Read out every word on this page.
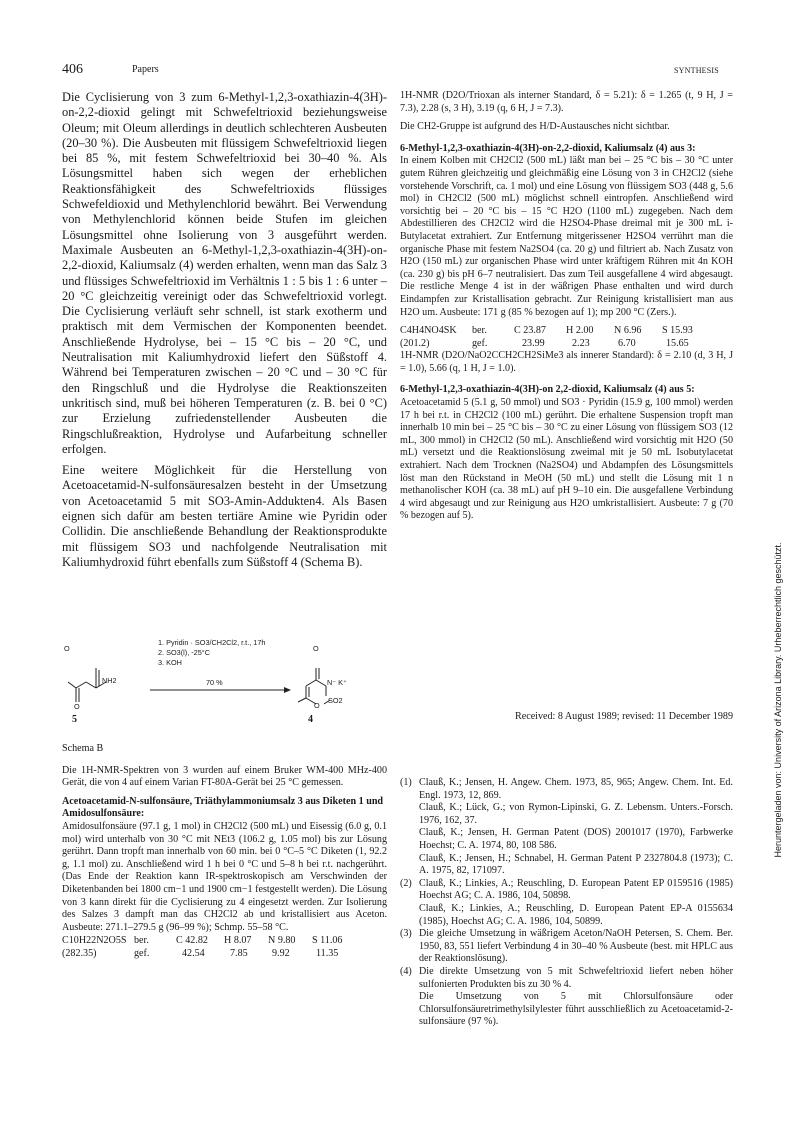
406	Papers	SYNTHESIS

Die Cyclisierung von 3 zum 6-Methyl-1,2,3-oxathiazin-4(3H)-on-2,2-dioxid gelingt mit Schwefeltrioxid beziehungsweise Oleum; mit Oleum allerdings in deutlich schlechteren Ausbeuten (20–30 %). Die Ausbeuten mit flüssigem Schwefeltrioxid liegen bei 85 %, mit festem Schwefeltrioxid bei 30–40 %. Als Lösungsmittel haben sich wegen der erheblichen Reaktionsfähigkeit des Schwefeltrioxids flüssiges Schwefeldioxid und Methylenchlorid bewährt. Bei Verwendung von Methylenchlorid können beide Stufen im gleichen Lösungsmittel ohne Isolierung von 3 ausgeführt werden. Maximale Ausbeuten an 6-Methyl-1,2,3-oxathiazin-4(3H)-on-2,2-dioxid, Kaliumsalz (4) werden erhalten, wenn man das Salz 3 und flüssiges Schwefeltrioxid im Verhältnis 1 : 5 bis 1 : 6 unter – 20 °C gleichzeitig vereinigt oder das Schwefeltrioxid vorlegt. Die Cyclisierung verläuft sehr schnell, ist stark exotherm und praktisch mit dem Vermischen der Komponenten beendet. Anschließende Hydrolyse, bei – 15 °C bis – 20 °C, und Neutralisation mit Kaliumhydroxid liefert den Süßstoff 4. Während bei Temperaturen zwischen – 20 °C und – 30 °C für den Ringschluß und die Hydrolyse die Reaktionszeiten unkritisch sind, muß bei höheren Temperaturen (z. B. bei 0 °C) zur Erzielung zufriedenstellender Ausbeuten die Ringschlußreaktion, Hydrolyse und Aufarbeitung schneller erfolgen.

Eine weitere Möglichkeit für die Herstellung von Acetoacetamid-N-sulfonsäuresalzen besteht in der Umsetzung von Acetoacetamid 5 mit SO3-Amin-Addukten4. Als Basen eignen sich dafür am besten tertiäre Amine wie Pyridin oder Collidin. Die anschließende Behandlung der Reaktionsprodukte mit flüssigem SO3 und nachfolgende Neutralisation mit Kaliumhydroxid führt ebenfalls zum Süßstoff 4 (Schema B).

O
NH2
O
1. Pyridin · SO3/CH2Cl2, r.t., 17h
2. SO3(l), -25°C
3. KOH
70 %
O
N⁻ K⁺
O
SO2
5	4

Schema B

Die 1H-NMR-Spektren von 3 wurden auf einem Bruker WM-400 MHz-400 Gerät, die von 4 auf einem Varian FT-80A-Gerät bei 25 °C gemessen.

Acetoacetamid-N-sulfonsäure, Triäthylammoniumsalz 3 aus Diketen 1 und Amidosulfonsäure:

Amidosulfonsäure (97.1 g, 1 mol) in CH2Cl2 (500 mL) und Eisessig (6.0 g, 0.1 mol) wird unterhalb von 30 °C mit NEt3 (106.2 g, 1.05 mol) bis zur Lösung gerührt. Dann tropft man innerhalb von 60 min. bei 0 °C–5 °C Diketen (1, 92.2 g, 1.1 mol) zu. Anschließend wird 1 h bei 0 °C und 5–8 h bei r.t. nachgerührt. (Das Ende der Reaktion kann IR-spektroskopisch am Verschwinden der Diketenbanden bei 1800 cm−1 und 1900 cm−1 festgestellt werden). Die Lösung von 3 kann direkt für die Cyclisierung zu 4 eingesetzt werden. Zur Isolierung des Salzes 3 dampft man das CH2Cl2 ab und kristallisiert aus Aceton. Ausbeute: 271.1–279.5 g (96–99 %); Schmp. 55–58 °C.

C10H22N2O5S ber.	C 42.82	H 8.07	N 9.80	S 11.06
(282.35)	gef.	42.54	7.85	9.92	11.35

1H-NMR (D2O/Trioxan als interner Standard, δ = 5.21): δ = 1.265 (t, 9 H, J = 7.3), 2.28 (s, 3 H), 3.19 (q, 6 H, J = 7.3).

Die CH2-Gruppe ist aufgrund des H/D-Austausches nicht sichtbar.

6-Methyl-1,2,3-oxathiazin-4(3H)-on-2,2-dioxid, Kaliumsalz (4) aus 3:

In einem Kolben mit CH2Cl2 (500 mL) läßt man bei – 25 °C bis – 30 °C unter gutem Rühren gleichzeitig und gleichmäßig eine Lösung von 3 in CH2Cl2 (siehe vorstehende Vorschrift, ca. 1 mol) und eine Lösung von flüssigem SO3 (448 g, 5.6 mol) in CH2Cl2 (500 mL) möglichst schnell eintropfen. Anschließend wird vorsichtig bei – 20 °C bis – 15 °C H2O (1100 mL) zugegeben. Nach dem Abdestillieren des CH2Cl2 wird die H2SO4-Phase dreimal mit je 300 mL i-Butylacetat extrahiert. Zur Entfernung mitgerissener H2SO4 verrührt man die organische Phase mit festem Na2SO4 (ca. 20 g) und filtriert ab. Nach Zusatz von H2O (150 mL) zur organischen Phase wird unter kräftigem Rühren mit 4n KOH (ca. 230 g) bis pH 6–7 neutralisiert. Das zum Teil ausgefallene 4 wird abgesaugt. Die restliche Menge 4 ist in der wäßrigen Phase enthalten und wird durch Eindampfen zur Kristallisation gebracht. Zur Reinigung kristallisiert man aus H2O um. Ausbeute: 171 g (85 % bezogen auf 1); mp 200 °C (Zers.).

C4H4NO4SK	ber.	C 23.87	H 2.00	N 6.96	S 15.93
(201.2)	gef.	23.99	2.23	6.70	15.65

1H-NMR (D2O/NaO2CCH2CH2SiMe3 als innerer Standard): δ = 2.10 (d, 3 H, J = 1.0), 5.66 (q, 1 H, J = 1.0).

6-Methyl-1,2,3-oxathiazin-4(3H)-on 2,2-dioxid, Kaliumsalz (4) aus 5:

Acetoacetamid 5 (5.1 g, 50 mmol) und SO3 · Pyridin (15.9 g, 100 mmol) werden 17 h bei r.t. in CH2Cl2 (100 mL) gerührt. Die erhaltene Suspension tropft man innerhalb 10 min bei – 25 °C bis – 30 °C zu einer Lösung von flüssigem SO3 (12 mL, 300 mmol) in CH2Cl2 (50 mL). Anschließend wird vorsichtig mit H2O (50 mL) versetzt und die Reaktionslösung zweimal mit je 50 mL Isobutylacetat extrahiert. Nach dem Trocknen (Na2SO4) und Abdampfen des Lösungsmittels löst man den Rückstand in MeOH (50 mL) und stellt die Lösung mit 1 n methanolischer KOH (ca. 38 mL) auf pH 9–10 ein. Die ausgefallene Verbindung 4 wird abgesaugt und zur Reinigung aus H2O umkristallisiert. Ausbeute: 7 g (70 % bezogen auf 5).

Received: 8 August 1989; revised: 11 December 1989
(1) Clauß, K.; Jensen, H. Angew. Chem. 1973, 85, 965; Angew. Chem. Int. Ed. Engl. 1973, 12, 869.
Clauß, K.; Lück, G.; von Rymon-Lipinski, G. Z. Lebensm. Unters.-Forsch. 1976, 162, 37.
Clauß, K.; Jensen, H. German Patent (DOS) 2001017 (1970), Farbwerke Hoechst; C. A. 1974, 80, 108 586.
Clauß, K.; Jensen, H.; Schnabel, H. German Patent P 2327804.8 (1973); C. A. 1975, 82, 171097.
(2) Clauß, K.; Linkies, A.; Reuschling, D. European Patent EP 0159516 (1985) Hoechst AG; C. A. 1986, 104, 50898.
Clauß, K.; Linkies, A.; Reuschling, D. European Patent EP-A 0155634 (1985), Hoechst AG; C. A. 1986, 104, 50899.
(3) Die gleiche Umsetzung in wäßrigem Aceton/NaOH Petersen, S. Chem. Ber. 1950, 83, 551 liefert Verbindung 4 in 30–40 % Ausbeute (best. mit HPLC aus der Reaktionslösung).
(4) Die direkte Umsetzung von 5 mit Schwefeltrioxid liefert neben höher sulfonierten Produkten bis zu 30 % 4.
Die Umsetzung von 5 mit Chlorsulfonsäure oder Chlorsulfonsäuretrimethylsilylester führt ausschließlich zu Acetoacetamid-2-sulfonsäure (97 %).
Heruntergeladen von: University of Arizona Library. Urheberrechtlich geschützt.
